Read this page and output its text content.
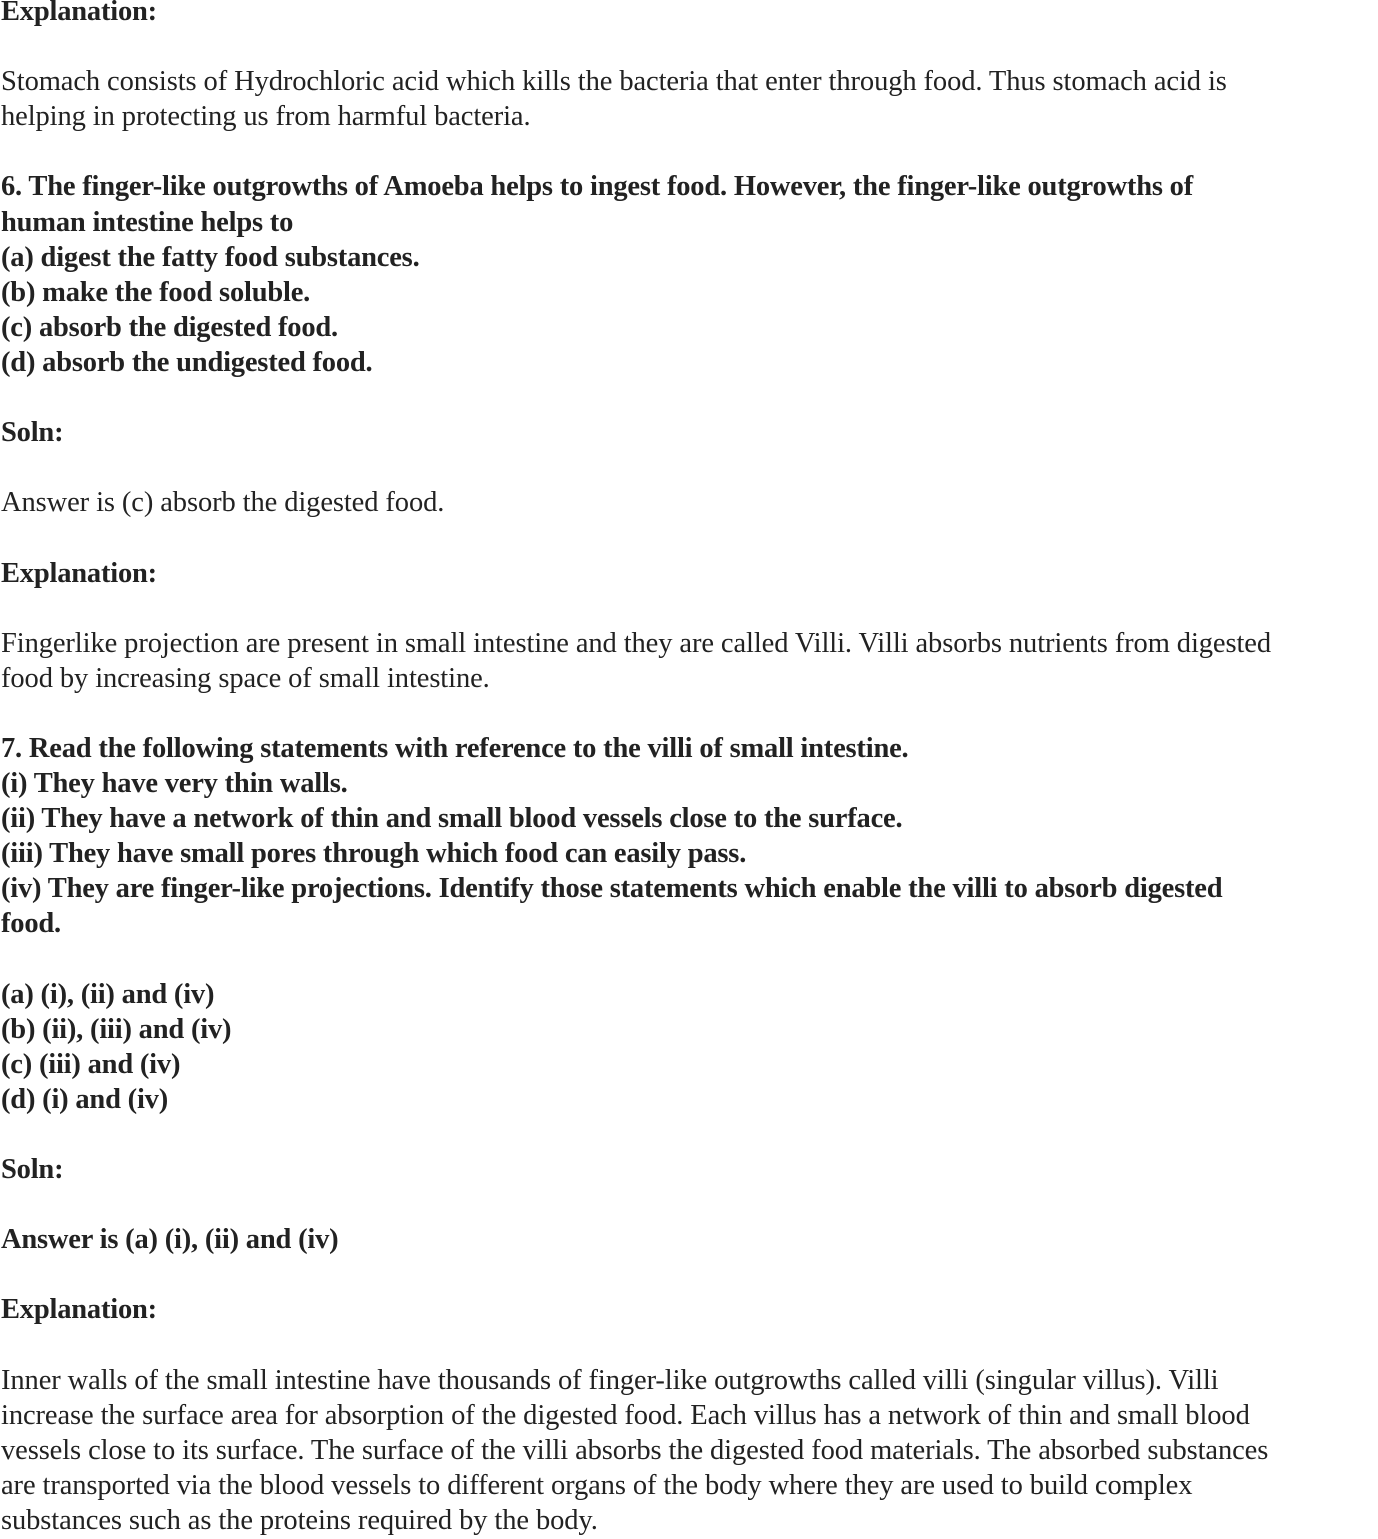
Explanation:
Stomach consists of Hydrochloric acid which kills the bacteria that enter through food. Thus stomach acid is
helping in protecting us from harmful bacteria.
6. The finger-like outgrowths of Amoeba helps to ingest food. However, the finger-like outgrowths of
human intestine helps to
(a) digest the fatty food substances.
(b) make the food soluble.
(c) absorb the digested food.
(d) absorb the undigested food.
Soln:
Answer is (c) absorb the digested food.
Explanation:
Fingerlike projection are present in small intestine and they are called Villi. Villi absorbs nutrients from digested
food by increasing space of small intestine.
7. Read the following statements with reference to the villi of small intestine.
(i) They have very thin walls.
(ii) They have a network of thin and small blood vessels close to the surface.
(iii) They have small pores through which food can easily pass.
(iv) They are finger-like projections. Identify those statements which enable the villi to absorb digested
food.
(a) (i), (ii) and (iv)
(b) (ii), (iii) and (iv)
(c) (iii) and (iv)
(d) (i) and (iv)
Soln:
Answer is (a) (i), (ii) and (iv)
Explanation:
Inner walls of the small intestine have thousands of finger-like outgrowths called villi (singular villus). Villi
increase the surface area for absorption of the digested food. Each villus has a network of thin and small blood
vessels close to its surface. The surface of the villi absorbs the digested food materials. The absorbed substances
are transported via the blood vessels to different organs of the body where they are used to build complex
substances such as the proteins required by the body.
